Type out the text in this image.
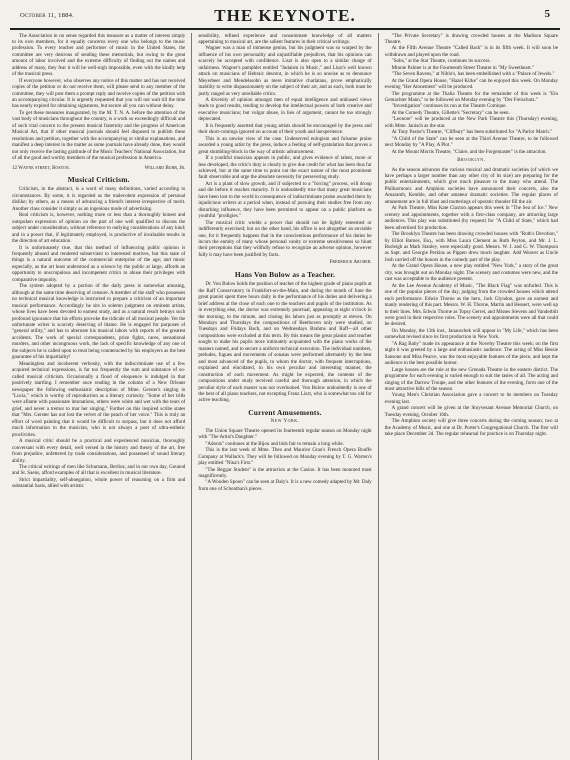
October 11, 1884.	THE KEYNOTE.	5

The Association in no sense regarded this measure as a matter of interest simply to its own members, for it equally concerns every one who belongs to the music profession. To every teacher and performer of music in the United States, the committee are very desirous of sending these memorials, but owing to the great amount of labor involved and the extreme difficulty of finding out the names and address of many, they fear it will be well-nigh impossible, even with the kindly help of the musical press.

If everyone however, who observes any notice of this matter and has not received copies of the petition or do not receive them, will please send to any member of the committee, they will post them a prompt reply and receive copies of the petition with an accompanying circular. It is urgently requested that you will not wait till the time has nearly expired for obtaining signatures, but secure all you can without delay.

To get these measures inaugurated, by the M. T. N. A. before the attention of the vast body of musicians throughout the country, is a work so exceedingly difficult and of such vital concern to the present musical fraternity and the progress of American Musical Art, that if other musical journals should feel disposed to publish these resolutions and petition, together with the accompanying or similar explanations, and manifest a deep interest in the matter as some journals have already done, they would not only receive the lasting gratitude of the Music Teachers' National Association, but of all the good and worthy members of the musical profession in America.

12 Wayne street, Boston.	Willard Burr, Jr.
Musical Criticism.

Criticism, in the abstract, is a word of many definitions, varied according to circumstances. By some, it is regarded as the malevolent expression of personal dislike; by others, as a means of advancing a friend's interest irrespective of merit. Another class consider it simply as an ingenious mode of advertising.

Real criticism is, however, nothing more or less than a thoroughly honest and outspoken expression of opinion on the part of one well qualified to discuss the subject under consideration, without reference to outlying considerations of any kind; and in a power that, if legitimately employed, is productive of invaluable results in the direction of art education.

It is unfortunately true, that this method of influencing public opinion is frequently abused and rendered subservient to interested motives, but this state of things is a natural outcome of the commercial enterprise of the age; and music especially, as the art least understood as a science by the public at large, affords an opportunity to unscrupulous and incompetent critics to abuse their privileges with comparative impunity.

The system adopted by a portion of the daily press is somewhat amusing, although at the same time deserving of censure. A member of the staff who possesses no technical musical knowledge is instructed to prepare a criticism of an important musical performance. Accordingly he sits in solemn judgment on eminent artists, whose lives have been devoted to earnest study, and as a natural result betrays such profound ignorance that his efforts provoke the ridicule of all musical people. Yet the unfortunate writer is scarcely deserving of blame. He is engaged for purposes of "general utility," and has to alternate his musical labors with reports of the greatest accidents. The work of special correspondents, prize fights, races, sensational murders, and other incongruous work, the lack of specific knowledge of any one of the subjects he is called upon to treat being counteracted by his employers as the best guarantee of his impartiality!

Meaningless and incoherent verbosity, with the indiscriminate use of a few acquired technical expressions, is far too frequently the sum and substance of so-called musical criticism. Occasionally a flood of eloquence is indulged in that positively startling. I remember once reading in the column of a New Orleans newspaper the following enthusiastic description of Mme. Gerster's singing in "Lucia," which is worthy of reproduction as a literary curiosity. "Some of her trills were aflame with passionate intonations, others were white and wet with the tears of grief, and never a tremor to mar her singing." Further on this inspired scribe states that "Mrs. Gerster has not lost the velvet of the peach of her voice." This is truly an effort of word painting that it would be difficult to surpass, but it does not afford much information to the musician, who is not always a poet of ultra-esthetic proclivities.

A musical critic should be a practical and experienced musician, thoroughly conversant with every detail, well versed in the history and theory of the art, free from prejudice, unfettered by trade considerations, and possessed of sound literary ability.

The critical writings of men like Schumann, Berlioz, and in our own day, Gounod and St. Saens, afford examples of all that is excellent in musical literature.

Strict impartiality, self-abnegation, whole power of reasoning on a firm and substantial basis, allied with artistic

sensibility, refined experience and consummate knowledge of all matters appertaining to musical art, are the salient features in their critical writings.

Wagner was a man of immense genius, but his judgment was so warped by the influence of his own personality and unjustifiable prejudices, that his opinions can scarcely be accepted with confidence. Liszt is also open to a similar charge of unfairness. Wagner's pamphlet entitled "Judaism in Music," and Liszt's well known attack on musicians of Hebraic descent, in which he is so unwise as to denounce Meyerbeer and Mendelssohn as mere imitative charlatans, prove emphatically inability to write dispassionately on the subject of their art, and as such, both must be justly ranged as very unreliable critics.

A diversity of opinion amongst men of equal intelligence and unbiased views leads to good results, tending to develop the intellectual powers of both creative and executive musicians; but vulgar abuse, in lieu of argument, cannot be too strongly deprecated.

It is frequently asserted that young artists should be encouraged by the press and their short-comings ignored on account of their youth and inexperience.

This is an unwise view of the case. Undeserved eulogism and fulsome praise awarded a young artist by the press, induce a feeling of self-gratulation that proves a great stumbling-block in the way of artistic advancement.

If a youthful musician appears in public, and gives evidence of talent, more or less developed, the critic's duty is clearly to give due credit for what has been thus far achieved, but at the same time to point out the exact nature of the most prominent fault observable and urge the absolute necessity for persevering study.

Art is a plant of slow growth, and if subjected to a "forcing" process, will droop and die before it reaches maturity. It is undoubtedly true that many great musicians have been lost to the world in consequence of indiscriminate praise awarded them by injudicious writers at a period when, instead of pursuing their studies free from any disturbing influence, they have been permitted to appear on a public platform as youthful "prodigies."

The musical critic wields a power that should not be lightly esteemed or indifferently exercised; but on the other hand, his office is not altogether an enviable one, for it frequently happens that in the conscientious performance of his duties he incurs the enmity of many whose personal vanity or extreme sensitiveness so blunt their perceptions that they willfully refuse to recognize an adverse opinion, however fully it may have been justified by facts.

Frederick Archer.
Hans Von Bulow as a Teacher.

Dr. Von Bulow holds the position of teacher of the highest grade of piano pupils at the Raff Conservatory in Frankfort-on-the-Main, and during the month of June the great pianist spent three hours daily in the performance of his duties and delivering a brief address at the close of each one to the teachers and pupils of the institution. As in everything else, the doctor was extremely punctual, appearing at eight o'clock in the morning, to the minute, and closing his labors just as promptly at eleven. On Mondays and Thursdays the compositions of Beethoven only were studied, on Tuesdays and Fridays Bach, and on Wednesdays Brahms and Raff—all other compositions were excluded at this term. By this means the great pianist and teacher sought to make his pupils more intimately acquainted with the piano works of the masters named, and to secure a uniform technical execution. The individual numbers, preludes, fugues and movements of sonatas were performed alternately by the best and most advanced of the pupils, to whom the doctor, with frequent interruptions, explained and elucidated, in his own peculiar and interesting manner, the construction of each movement. As might be expected, the contents of the compositions under study received careful and thorough attention, in which the peculiar style of each master was not overlooked. Von Bulow undoubtedly is one of the best of all piano teachers, not excepting Franz Liszt, who is somewhat too old for active teaching.

Current Amusements.
New York.

The Union Square Theatre opened its fourteenth regular season on Monday night with "The Artist's Daughter."

"Adonis" continues at the Bijou and bids fair to remain a long while.

This is the last week of Mme. Theo and Maurice Grau's French Opera Bouffe Company at Wallack's. They will be followed on Monday evening by T. G. Warren's play entitled "Nina's First."

"The Beggar Student" is the attraction at the Casino. It has been mounted most magnificently.

"A Wooden Spoon" can be seen at Daly's. It is a new comedy adapted by Mr. Daly from one of Schonthan's pieces.

"The Private Secretary" is drawing crowded houses at the Madison Square Theatre.

At the Fifth Avenue Theatre "Called Back" is in its fifth week. It will soon be withdrawn and played upon the road.

"Sobs," at the Star Theatre, continues its success.

Minnie Palmer is at the Fourteenth Street Theatre in "My Sweetheart."

"The Seven Ravens," at Niblo's, has been embellished with a "Palace of Jewels."

At the Grand Opera House, "Hazel Kirke" can be enjoyed this week. On Monday evening "Her Atonement" will be produced.

The programme at the Thalia Theatre for the remainder of this week is "Ein Gemachter Mann," to be followed on Monday evening by "Der Freischutz."

"Investigation" continues its run at the Theatre Comique.

At the Comedy Theatre, Gillette's "Secretary" can be seen.

"Leonore" will be produced at the New Park Theatre this (Thursday) evening, with Mme. Janisch as the star.

At Tony Pastor's Theatre, "Clifbury" has been substituted for "A Parlor Match."

"A Child of the State" can be seen at the Third Avenue Theatre, to be followed next Monday by "A Play, A Plot."

At the Mount Morris Theatre, "Claire, and the Forgemaster" is the attraction.

Brooklyn.

As the season advances the various musical and dramatic societies (of which we have perhaps a larger number than any other city of its size) are preparing for the public entertainments, which give much pleasure to the many who attend. The Philharmonic and Amphion societies have announced their concerts, also the Amaranth, Kemble, and other amateur dramatic societies. The regular places of amusement are in full blast and mutterings of operatic thunder fill the air.

At Park Theatre, Miss Kate Claxton appears this week in "The Sea of Ice." New scenery and appointments, together with a first-class company, are attracting large audiences. This play was substituted (by request) for "A Child of State," which had been advertised for production.

The Brooklyn Theatre has been drawing crowded houses with "Ruth's Devotion," by Elliot Barnes, Esq., with Miss Laura Clement as Ruth Peyton, and Mr. J. L. Burleigh as Mark Stanley, were especially good. Messrs. W. J. and G. W. Thompson as Sapt. and Georgie Perkins as Pippen drew much laughter. Add Weaver as Uncle Josh carried off the honors in the comedy part of the play.

At the Grand Opera House, a new play entitled "New York," a story of the great city, was brought out on Monday night. The scenery and costumes were new, and the cast was acceptable to the audience present.

At the Lee Avenue Academy of Music, "The Black Flag" was unfurled. This is one of the popular pieces of the day, judging from the crowded houses which attend each performance. Edwin Thorne as the hero, Jack Glyndon, gave an earnest and manly rendering of this part. Messrs. W. H. Thorne, Martin and Hessert, were well up to their lines. Mrs. Edwin Thorne as Topsy Gerrel, and Misses Stevens and Vanderbilt were good in their respective roles. The scenery and appointments were all that could be desired.

On Monday, the 13th inst., Janauschek will appear in "My Life," which has been somewhat revised since its first production in New York.

"A Rag Baby" made its appearance at the Novelty Theatre this week; on the first night it was greeted by a large and enthusiastic audience. The acting of Miss Bessie Sansone and Miss Pearce, was the most enjoyable features of the piece, and kept the audience in the best possible humor.

Large houses are the rule at the new Grenada Theatre in the eastern district. The programme for each evening is varied enough to suit the tastes of all. The acting and singing of the Darrow Troupe, and the other features of the evening, form one of the most attractive bills of the season.

Young Men's Christian Association gave a concert to its members on Tuesday evening last.

A grand concert will be given at the Stuyvesant Avenue Memorial Church, on Tuesday evening, October 16th.

The Amphion society will give three concerts during the coming season; two at the Academy of Music, and one at Dr. Porter's Congregational Church. The first will take place December 2d. The regular rehearsal for practice is on Thursday night.
